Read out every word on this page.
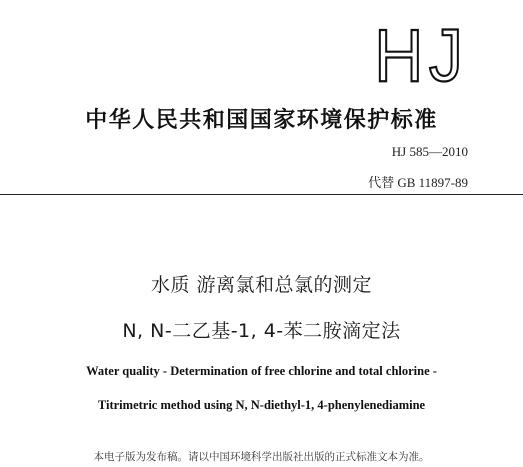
HJ
中华人民共和国国家环境保护标准
HJ 585—2010
代替 GB 11897-89
水质 游离氯和总氯的测定
N, N-二乙基-1, 4-苯二胺滴定法
Water quality - Determination of free chlorine and total chlorine -
Titrimetric method using N, N-diethyl-1, 4-phenylenediamine
本电子版为发布稿。请以中国环境科学出版社出版的正式标准文本为准。
